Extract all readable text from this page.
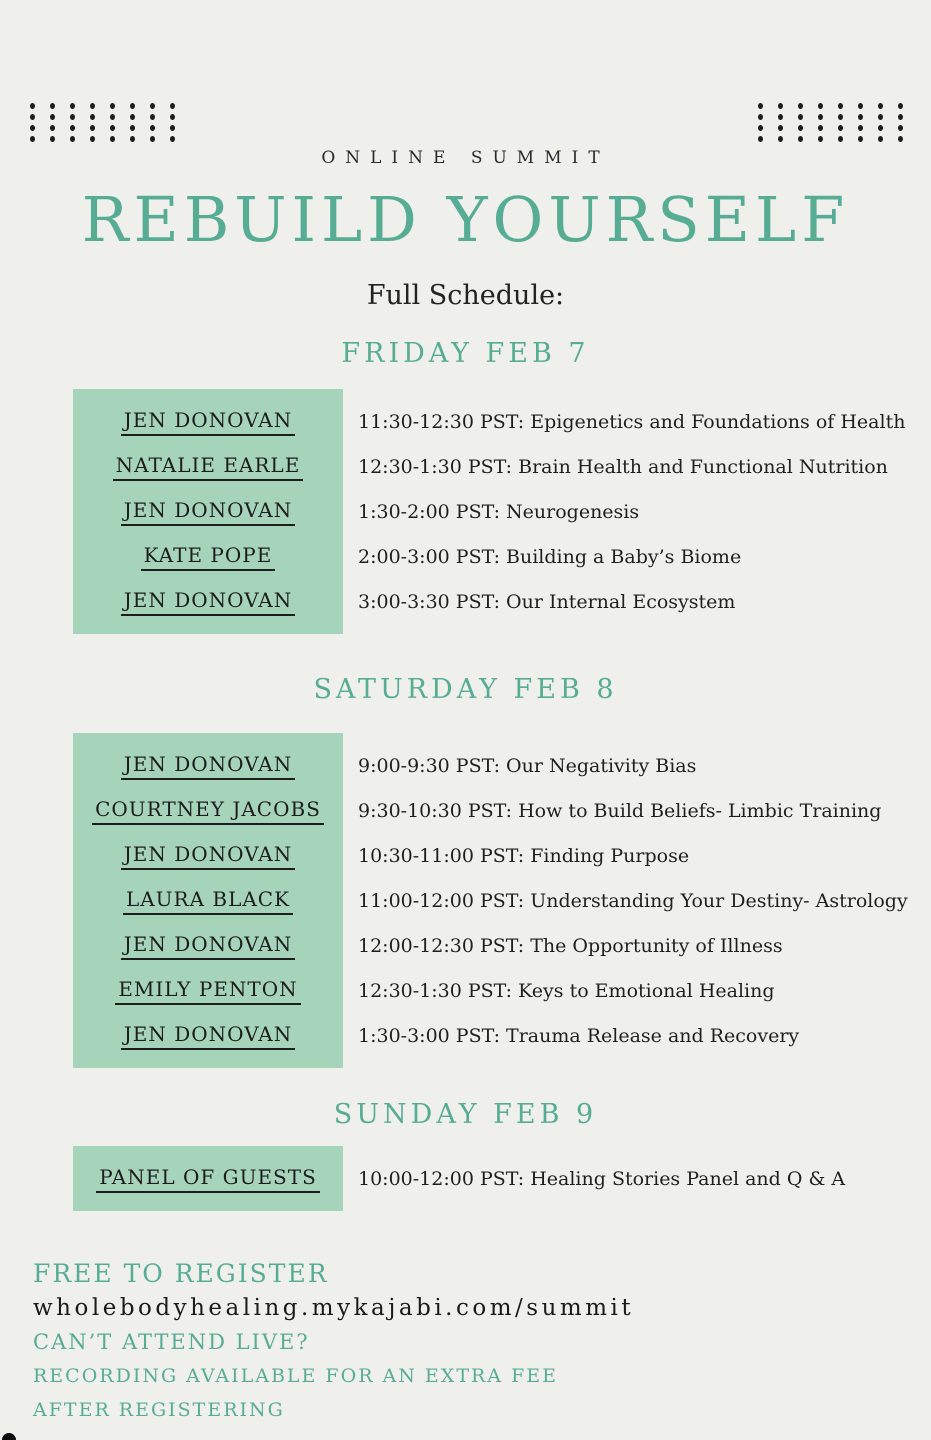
ONLINE SUMMIT
REBUILD YOURSELF
Full Schedule:
FRIDAY FEB 7
JEN DONOVAN
NATALIE EARLE
JEN DONOVAN
KATE POPE
JEN DONOVAN
11:30-12:30 PST: Epigenetics and Foundations of Health
12:30-1:30 PST: Brain Health and Functional Nutrition
1:30-2:00 PST: Neurogenesis
2:00-3:00 PST: Building a Baby’s Biome
3:00-3:30 PST: Our Internal Ecosystem
SATURDAY FEB 8
JEN DONOVAN
COURTNEY JACOBS
JEN DONOVAN
LAURA BLACK
JEN DONOVAN
EMILY PENTON
JEN DONOVAN
9:00-9:30 PST: Our Negativity Bias
9:30-10:30 PST: How to Build Beliefs- Limbic Training
10:30-11:00 PST: Finding Purpose
11:00-12:00 PST: Understanding Your Destiny- Astrology
12:00-12:30 PST: The Opportunity of Illness
12:30-1:30 PST: Keys to Emotional Healing
1:30-3:00 PST: Trauma Release and Recovery
SUNDAY FEB 9
PANEL OF GUESTS 10:00-12:00 PST: Healing Stories Panel and Q & A
FREE TO REGISTER
wholebodyhealing.mykajabi.com/summit
CAN’T ATTEND LIVE?
RECORDING AVAILABLE FOR AN EXTRA FEE
AFTER REGISTERING
